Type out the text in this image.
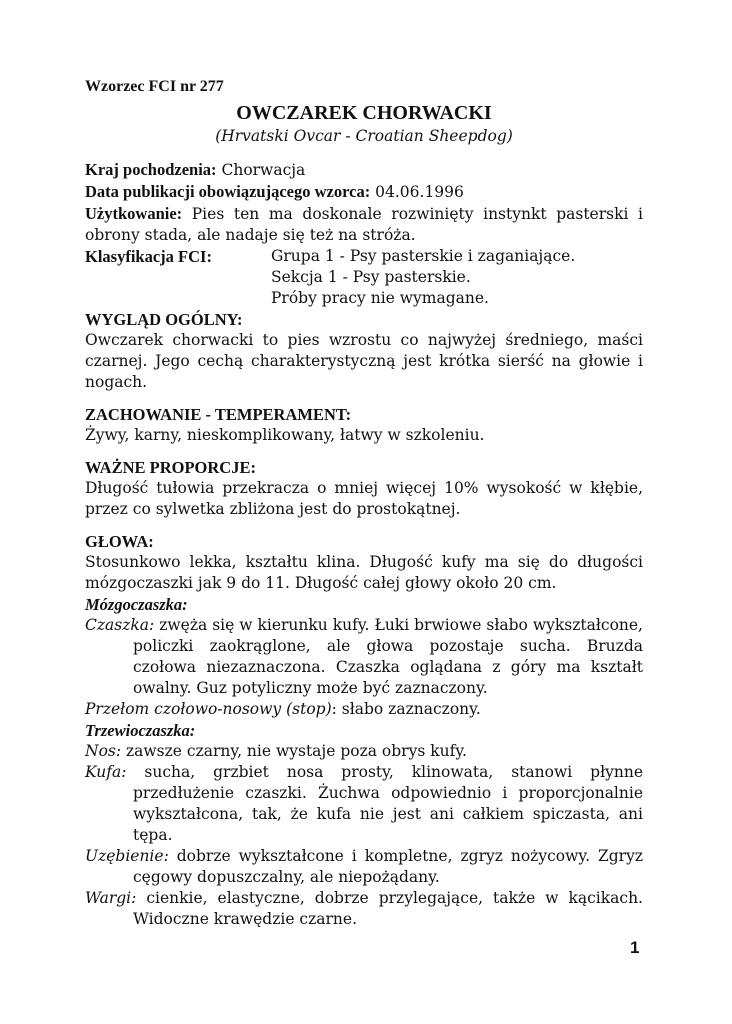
Wzorzec FCI nr 277
OWCZAREK CHORWACKI
(Hrvatski Ovcar - Croatian Sheepdog)
Kraj pochodzenia: Chorwacja
Data publikacji obowiązującego wzorca: 04.06.1996
Użytkowanie: Pies ten ma doskonale rozwinięty instynkt pasterski i obrony stada, ale nadaje się też na stróża.
Klasyfikacja FCI:	Grupa 1 - Psy pasterskie i zaganiające.
Sekcja 1 - Psy pasterskie.
Próby pracy nie wymagane.
WYGLĄD OGÓLNY:
Owczarek chorwacki to pies wzrostu co najwyżej średniego, maści czarnej. Jego cechą charakterystyczną jest krótka sierść na głowie i nogach.
ZACHOWANIE - TEMPERAMENT:
Żywy, karny, nieskomplikowany, łatwy w szkoleniu.
WAŻNE PROPORCJE:
Długość tułowia przekracza o mniej więcej 10% wysokość w kłębie, przez co sylwetka zbliżona jest do prostokątnej.
GŁOWA:
Stosunkowo lekka, kształtu klina. Długość kufy ma się do długości mózgoczaszki jak 9 do 11. Długość całej głowy około 20 cm.
Mózgoczaszka:
Czaszka: zwęża się w kierunku kufy. Łuki brwiowe słabo wykształcone, policzki zaokrąglone, ale głowa pozostaje sucha. Bruzda czołowa niezaznaczona. Czaszka oglądana z góry ma kształt owalny. Guz potyliczny może być zaznaczony.
Przełom czołowo-nosowy (stop): słabo zaznaczony.
Trzewioczaszka:
Nos: zawsze czarny, nie wystaje poza obrys kufy.
Kufa: sucha, grzbiet nosa prosty, klinowata, stanowi płynne przedłużenie czaszki. Żuchwa odpowiednio i proporcjonalnie wykształcona, tak, że kufa nie jest ani całkiem spiczasta, ani tępa.
Uzębienie: dobrze wykształcone i kompletne, zgryz nożycowy. Zgryz cęgowy dopuszczalny, ale niepożądany.
Wargi: cienkie, elastyczne, dobrze przylegające, także w kącikach. Widoczne krawędzie czarne.
1
